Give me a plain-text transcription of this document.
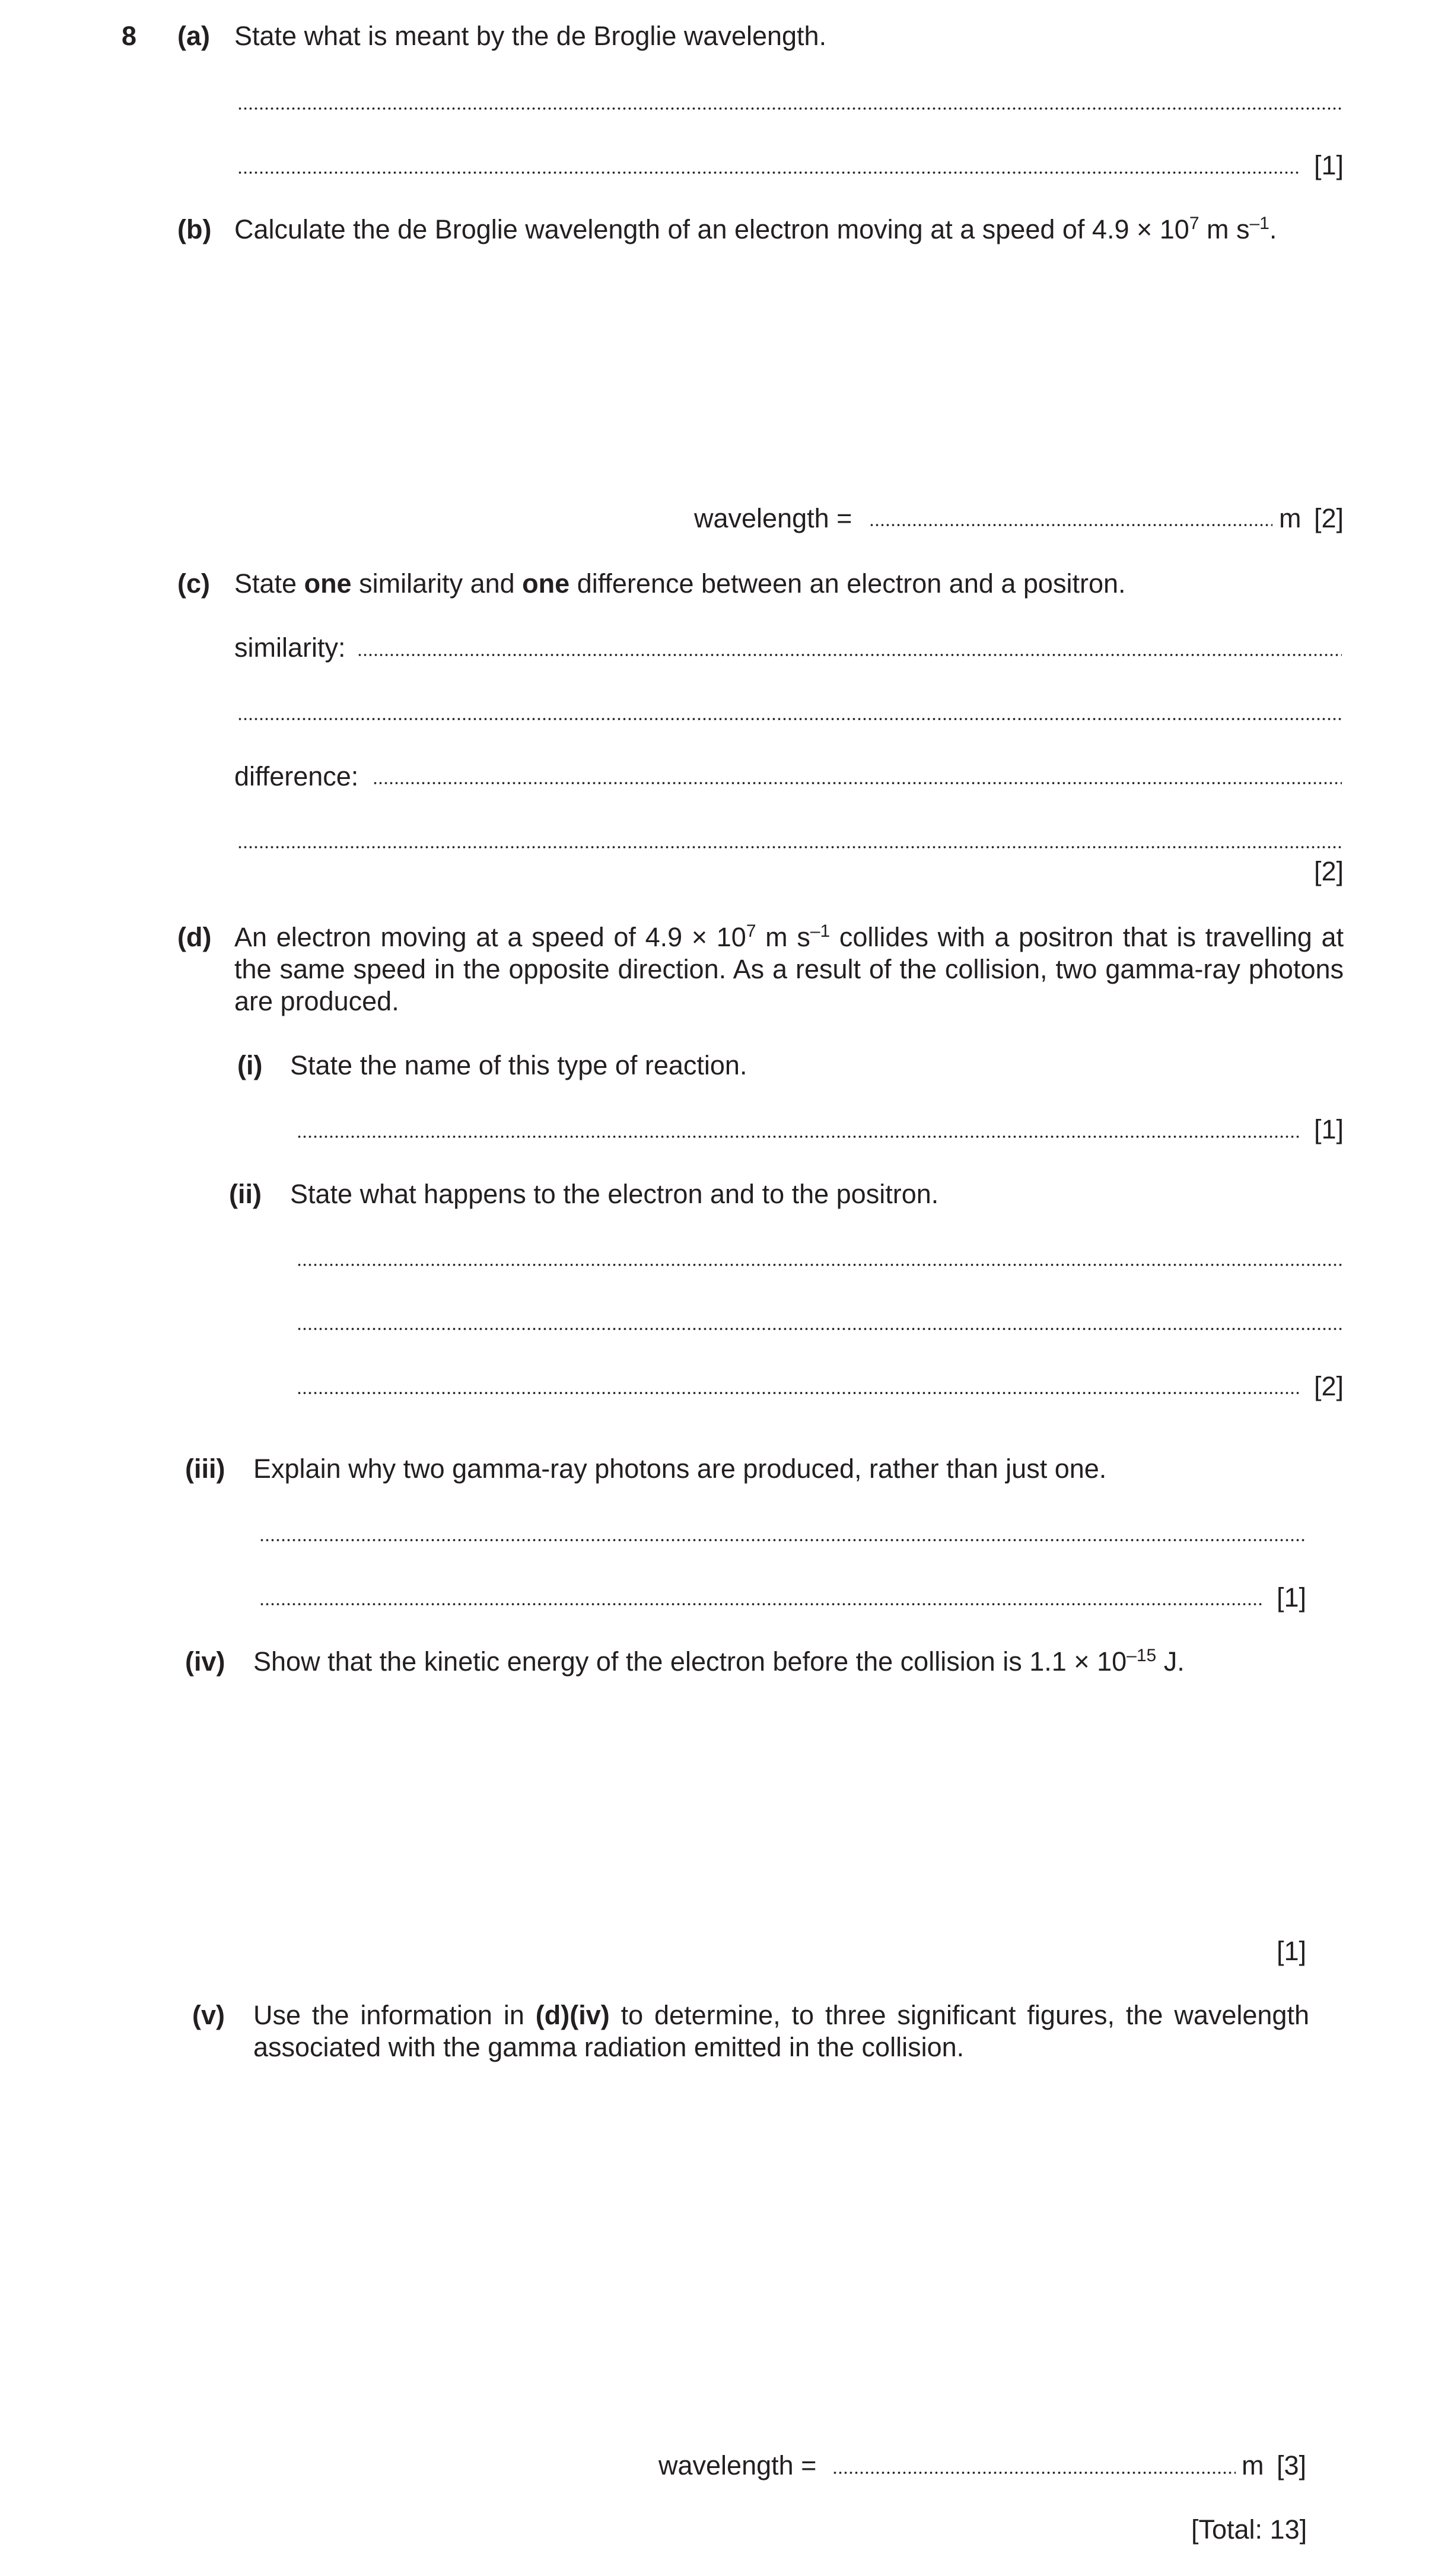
8 (a) State what is meant by the de Broglie wavelength.
[1]
(b) Calculate the de Broglie wavelength of an electron moving at a speed of $4.9 \times 10^7$ m $s^{-1}$.
wavelength =	m [2]
(c) State one similarity and one difference between an electron and a positron.
similarity:
difference:
[2]
(d) An electron moving at a speed of $4.9 \times 10^7$ m $s^{-1}$ collides with a positron that is travelling at
the same speed in the opposite direction. As a result of the collision, two gamma-ray photons
are produced.
(i) State the name of this type of reaction.
[1]
(ii) State what happens to the electron and to the positron.
[2]
(iii) Explain why two gamma-ray photons are produced, rather than just one.
[1]
(iv) Show that the kinetic energy of the electron before the collision is $1.1 \times 10^{-15}$ J.
[1]
(v) Use the information in (d)(iv) to determine, to three significant figures, the wavelength
associated with the gamma radiation emitted in the collision.
wavelength =	m [3]
[Total: 13]
